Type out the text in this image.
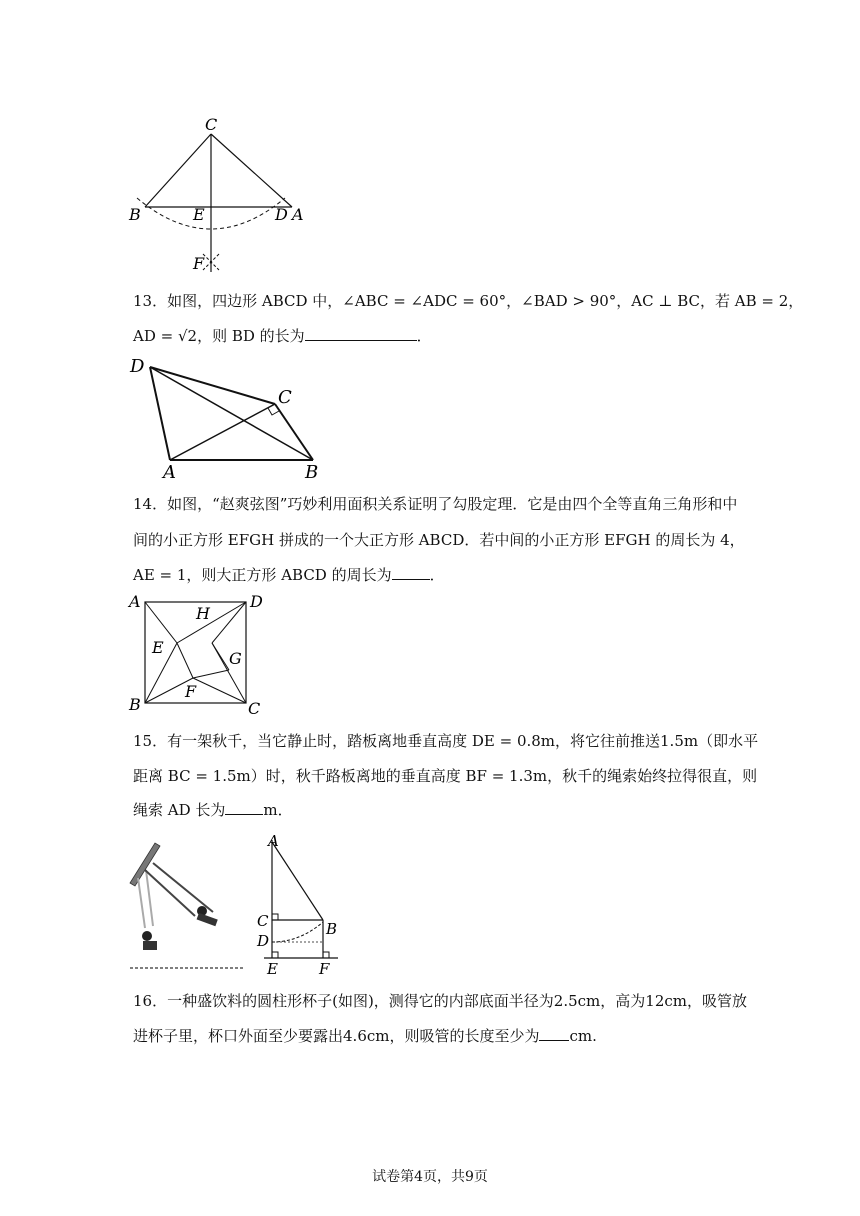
C
B	E	D A
F
13．如图，四边形 ABCD 中，∠ABC = ∠ADC = 60°，∠BAD > 90°，AC ⊥ BC，若 AB = 2，
AD = √2，则 BD 的长为	．
D
C
A	B
14．如图，“赵爽弦图”巧妙利用面积关系证明了勾股定理．它是由四个全等直角三角形和中
间的小正方形 EFGH 拼成的一个大正方形 ABCD．若中间的小正方形 EFGH 的周长为 4，
AE = 1，则大正方形 ABCD 的周长为	．
A	D
H
E
G
F
B	C
15．有一架秋千，当它静止时，踏板离地垂直高度 DE = 0.8m，将它往前推送1.5m（即水平
距离 BC = 1.5m）时，秋千路板离地的垂直高度 BF = 1.3m，秋千的绳索始终拉得很直，则
绳索 AD 长为	m．
A
C	B
D
E	F
16．一种盛饮料的圆柱形杯子(如图)，测得它的内部底面半径为2.5cm，高为12cm，吸管放
进杯子里，杯口外面至少要露出4.6cm，则吸管的长度至少为 cm.
试卷第4页，共9页
